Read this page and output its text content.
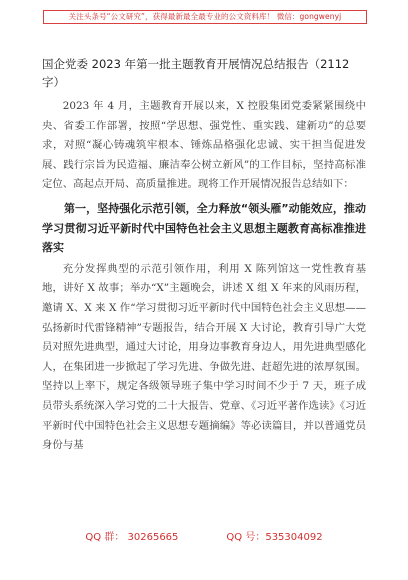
关注头条号“公文研究”，获得最新最全最专业的公文资料库！ 微信：gongwenyj
国企党委 2023 年第一批主题教育开展情况总结报告（2112字）

2023 年 4 月，主题教育开展以来，X 控股集团党委紧紧围绕中央、省委工作部署，按照“学思想、强党性、重实践、建新功”的总要求，对照“凝心铸魂筑牢根本、锤炼品格强化忠诚、实干担当促进发展、践行宗旨为民造福、廉洁奉公树立新风”的工作目标，坚持高标准定位、高起点开局、高质量推进。现将工作开展情况报告总结如下：

第一，坚持强化示范引领，全力释放“领头雁”动能效应，推动学习贯彻习近平新时代中国特色社会主义思想主题教育高标准推进落实

充分发挥典型的示范引领作用，利用 X 陈列馆这一党性教育基地，讲好 X 故事；举办“X”主题晚会，讲述 X 组 X 年来的风雨历程，邀请 X、X 来 X 作“学习贯彻习近平新时代中国特色社会主义思想——弘扬新时代雷锋精神”专题报告，结合开展 X 大讨论，教育引导广大党员对照先进典型，通过大讨论，用身边事教育身边人，用先进典型感化人，在集团进一步掀起了学习先进、争做先进、赶超先进的浓厚氛围。坚持以上率下，规定各级领导班子集中学习时间不少于 7 天，班子成员带头系统深入学习党的二十大报告、党章、《习近平著作选读》《习近平新时代中国特色社会主义思想专题摘编》等必读篇目，并以普通党员身份与基

QQ 群： 30265665	QQ 号：535304092
